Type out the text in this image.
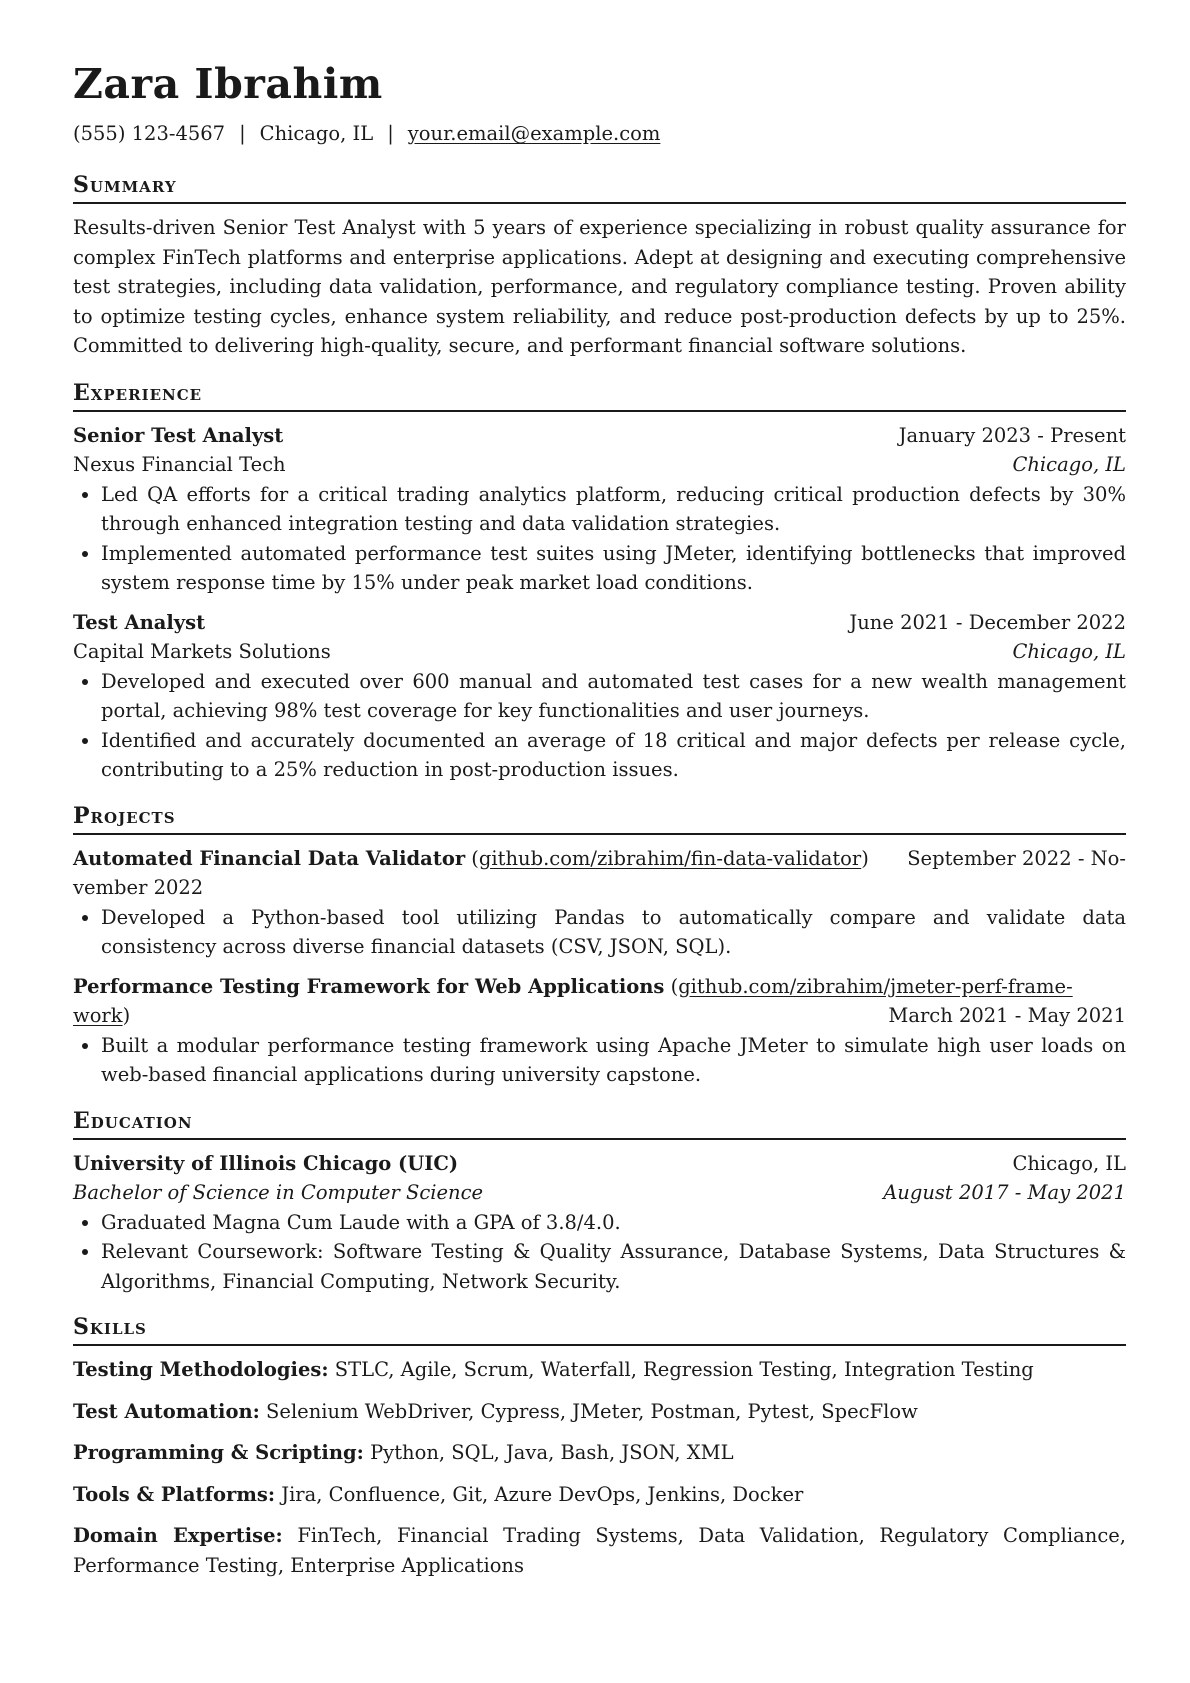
Zara Ibrahim
(555) 123-4567 | Chicago, IL | your.email@example.com
Summary
Results-driven Senior Test Analyst with 5 years of experience specializing in robust quality assurance for complex FinTech platforms and enterprise applications. Adept at designing and executing comprehensive test strategies, including data validation, performance, and regulatory compliance testing. Proven ability to optimize testing cycles, enhance system reliability, and reduce post-production defects by up to 25%. Committed to delivering high-quality, secure, and performant financial software solutions.
Experience
Senior Test Analyst	January 2023 - Present
Nexus Financial Tech	Chicago, IL
• Led QA efforts for a critical trading analytics platform, reducing critical production defects by 30% through enhanced integration testing and data validation strategies.
• Implemented automated performance test suites using JMeter, identifying bottlenecks that improved system response time by 15% under peak market load conditions.
Test Analyst	June 2021 - December 2022
Capital Markets Solutions	Chicago, IL
• Developed and executed over 600 manual and automated test cases for a new wealth management portal, achieving 98% test coverage for key functionalities and user journeys.
• Identified and accurately documented an average of 18 critical and major defects per release cycle, contributing to a 25% reduction in post-production issues.
Projects
Automated Financial Data Validator (github.com/zibrahim/fin-data-validator) September 2022 - No-
vember 2022
• Developed a Python-based tool utilizing Pandas to automatically compare and validate data consistency across diverse financial datasets (CSV, JSON, SQL).
Performance Testing Framework for Web Applications (github.com/zibrahim/jmeter-perf-frame-
work)	March 2021 - May 2021
• Built a modular performance testing framework using Apache JMeter to simulate high user loads on web-based financial applications during university capstone.
Education
University of Illinois Chicago (UIC)	Chicago, IL
Bachelor of Science in Computer Science	August 2017 - May 2021
• Graduated Magna Cum Laude with a GPA of 3.8/4.0.
• Relevant Coursework: Software Testing & Quality Assurance, Database Systems, Data Structures & Algorithms, Financial Computing, Network Security.
Skills
Testing Methodologies: STLC, Agile, Scrum, Waterfall, Regression Testing, Integration Testing
Test Automation: Selenium WebDriver, Cypress, JMeter, Postman, Pytest, SpecFlow
Programming & Scripting: Python, SQL, Java, Bash, JSON, XML
Tools & Platforms: Jira, Confluence, Git, Azure DevOps, Jenkins, Docker
Domain Expertise: FinTech, Financial Trading Systems, Data Validation, Regulatory Compliance, Performance Testing, Enterprise Applications
